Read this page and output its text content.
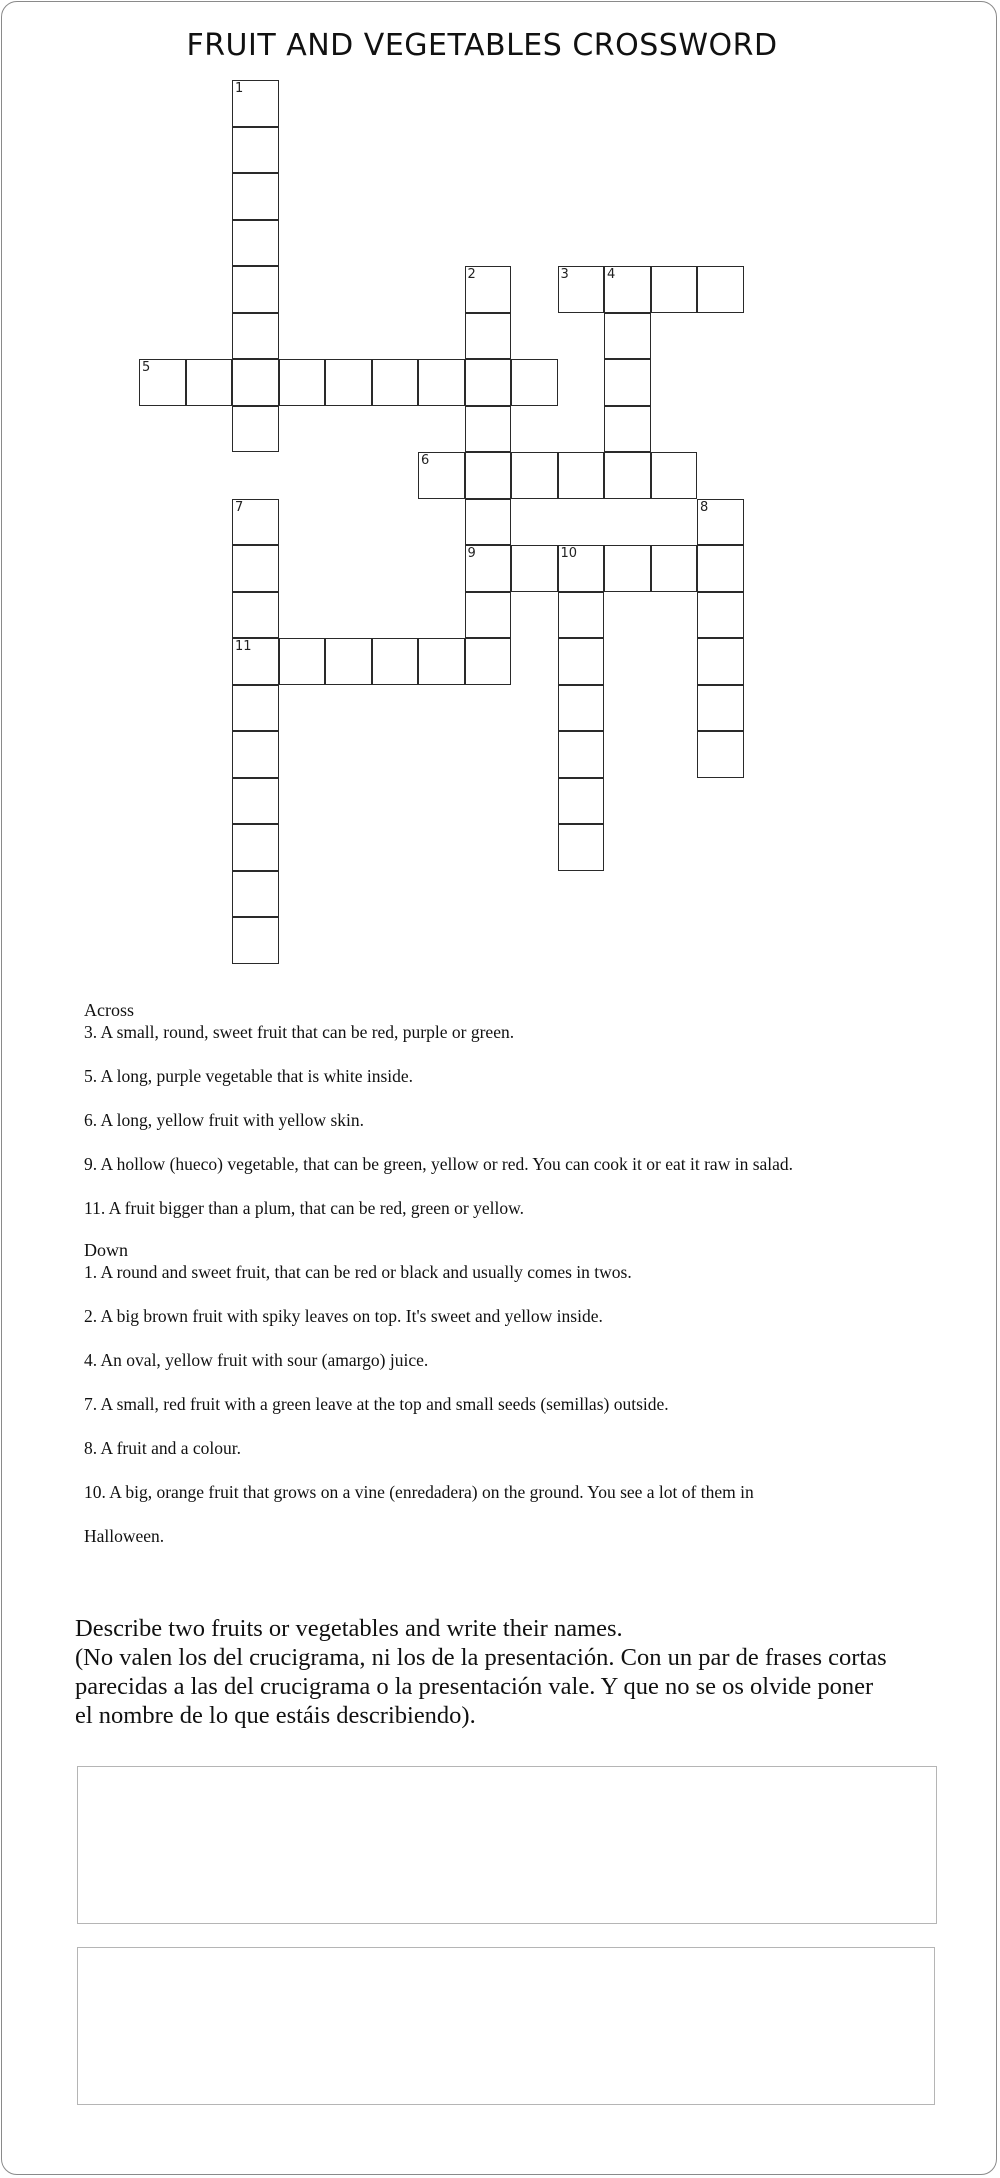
FRUIT AND VEGETABLES CROSSWORD
1
2
9
4
7
11
8
10
3
5
6
Across
3. A small, round, sweet fruit that can be red, purple or green.
5. A long, purple vegetable that is white inside.
6. A long, yellow fruit with yellow skin.
9. A hollow (hueco) vegetable, that can be green, yellow or red. You can cook it or eat it raw in salad.
11. A fruit bigger than a plum, that can be red, green or yellow.
Down
1. A round and sweet fruit, that can be red or black and usually comes in twos.
2. A big brown fruit with spiky leaves on top. It's sweet and yellow inside.
4. An oval, yellow fruit with sour (amargo) juice.
7. A small, red fruit with a green leave at the top and small seeds (semillas) outside.
8. A fruit and a colour.
10. A big, orange fruit that grows on a vine (enredadera) on the ground. You see a lot of them in
Halloween.

Describe two fruits or vegetables and write their names.

(No valen los del crucigrama, ni los de la presentación. Con un par de frases cortas

parecidas a las del crucigrama o la presentación vale. Y que no se os olvide poner

el nombre de lo que estáis describiendo).
